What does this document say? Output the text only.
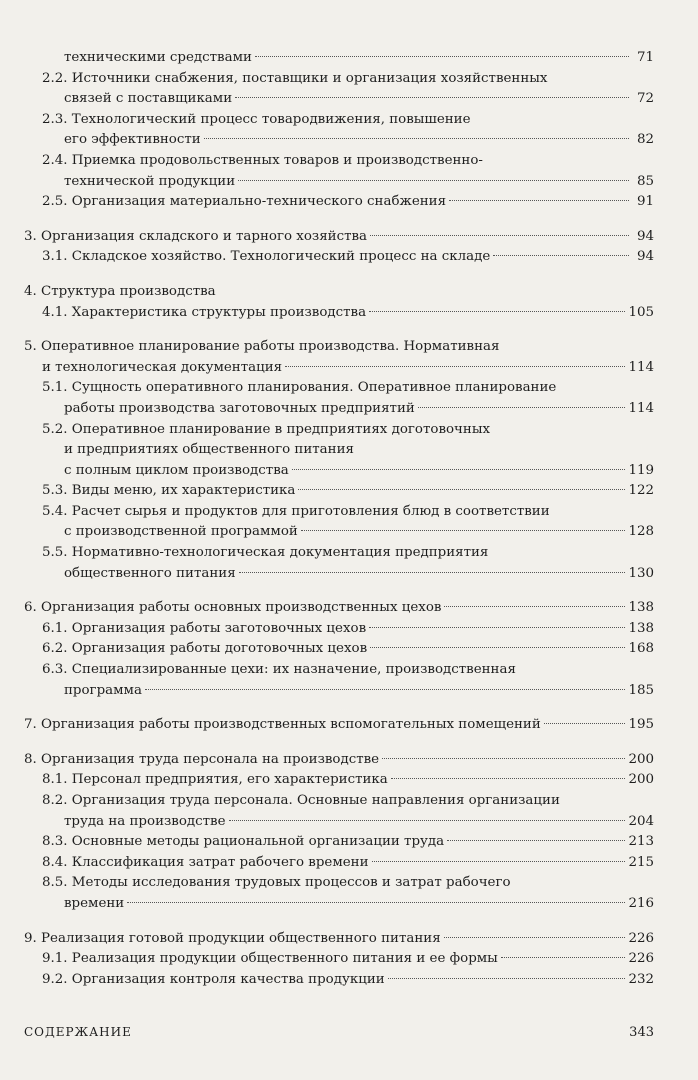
техническими средствами	71
2.2. Источники снабжения, поставщики и организация хозяйственных
связей с поставщиками	72
2.3. Технологический процесс товародвижения, повышение
его эффективности	82
2.4. Приемка продовольственных товаров и производственно-
технической продукции	85
2.5. Организация материально-технического снабжения	91
3. Организация складского и тарного хозяйства	94
3.1. Складское хозяйство. Технологический процесс на складе	94
4. Структура производства
4.1. Характеристика структуры производства	105
5. Оперативное планирование работы производства. Нормативная
и технологическая документация	114
5.1. Сущность оперативного планирования. Оперативное планирование
работы производства заготовочных предприятий	114
5.2. Оперативное планирование в предприятиях доготовочных
и предприятиях общественного питания
с полным циклом производства	119
5.3. Виды меню, их характеристика	122
5.4. Расчет сырья и продуктов для приготовления блюд в соответствии
с производственной программой	128
5.5. Нормативно-технологическая документация предприятия
общественного питания	130
6. Организация работы основных производственных цехов	138
6.1. Организация работы заготовочных цехов	138
6.2. Организация работы доготовочных цехов	168
6.3. Специализированные цехи: их назначение, производственная
программа	185
7. Организация работы производственных вспомогательных помещений	195
8. Организация труда персонала на производстве	200
8.1. Персонал предприятия, его характеристика	200
8.2. Организация труда персонала. Основные направления организации
труда на производстве	204
8.3. Основные методы рациональной организации труда	213
8.4. Классификация затрат рабочего времени	215
8.5. Методы исследования трудовых процессов и затрат рабочего
времени	216
9. Реализация готовой продукции общественного питания	226
9.1. Реализация продукции общественного питания и ее формы	226
9.2. Организация контроля качества продукции	232
СОДЕРЖАНИЕ	343
